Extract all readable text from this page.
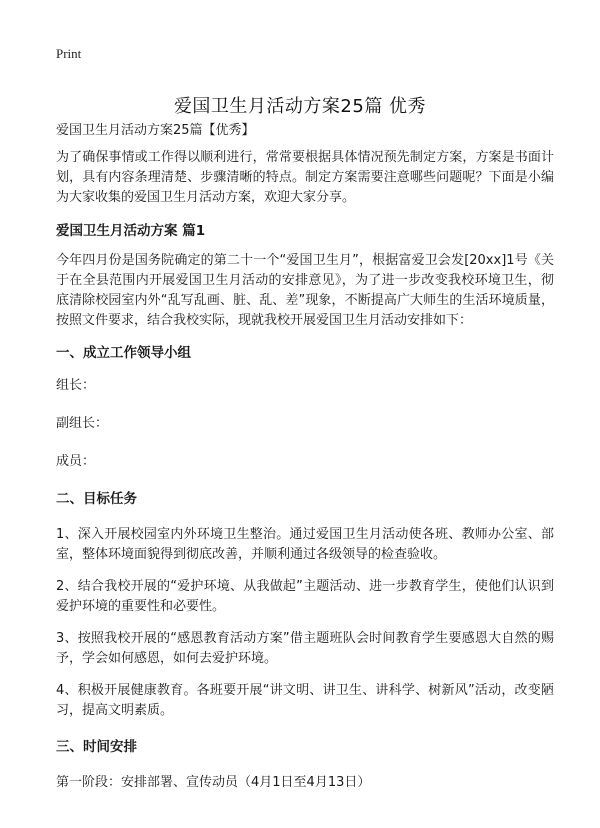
Print
爱国卫生月活动方案25篇 优秀

爱国卫生月活动方案25篇【优秀】

为了确保事情或工作得以顺利进行，常常要根据具体情况预先制定方案，方案是书面计划，具有内容条理清楚、步骤清晰的特点。制定方案需要注意哪些问题呢？下面是小编为大家收集的爱国卫生月活动方案，欢迎大家分享。

爱国卫生月活动方案 篇1

今年四月份是国务院确定的第二十一个“爱国卫生月”，根据富爱卫会发[20xx]1号《关于在全县范围内开展爱国卫生月活动的安排意见》，为了进一步改变我校环境卫生，彻底清除校园室内外“乱写乱画、脏、乱、差”现象，不断提高广大师生的生活环境质量，按照文件要求，结合我校实际，现就我校开展爱国卫生月活动安排如下：

一、成立工作领导小组

组长：

副组长：

成员：

二、目标任务

1、深入开展校园室内外环境卫生整治。通过爱国卫生月活动使各班、教师办公室、部室，整体环境面貌得到彻底改善，并顺利通过各级领导的检查验收。

2、结合我校开展的“爱护环境、从我做起”主题活动、进一步教育学生，使他们认识到爱护环境的重要性和必要性。

3、按照我校开展的“感恩教育活动方案”借主题班队会时间教育学生要感恩大自然的赐予，学会如何感恩，如何去爱护环境。

4、积极开展健康教育。各班要开展“讲文明、讲卫生、讲科学、树新风”活动，改变陋习，提高文明素质。

三、时间安排

第一阶段：安排部署、宣传动员（4月1日至4月13日）
